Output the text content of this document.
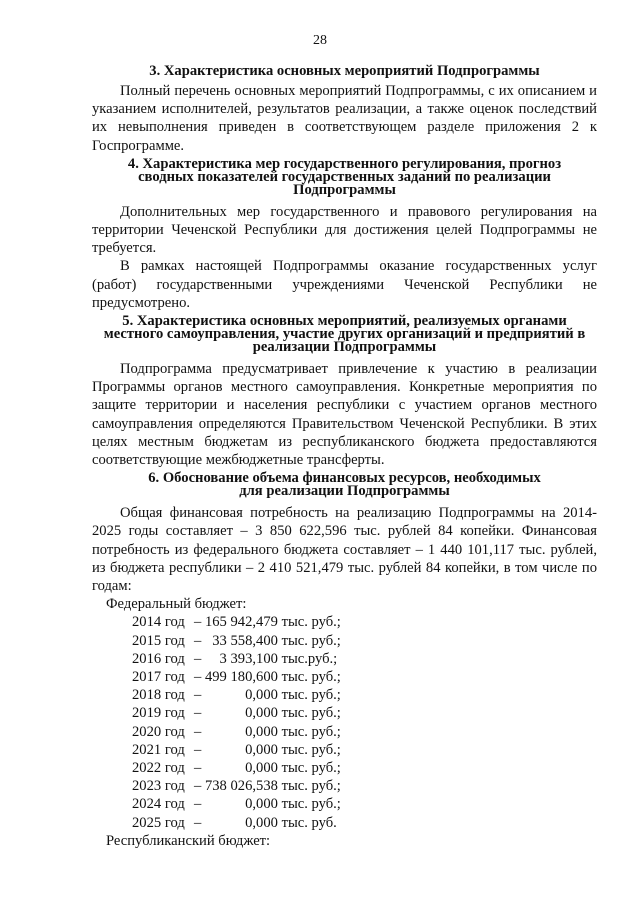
28
3. Характеристика основных мероприятий Подпрограммы

Полный перечень основных мероприятий Подпрограммы, с их описанием и указанием исполнителей, результатов реализации, а также оценок последствий их невыполнения приведен в соответствующем разделе приложения 2 к Госпрограмме.

4. Характеристика мер государственного регулирования, прогноз
сводных показателей государственных заданий по реализации
Подпрограммы

Дополнительных мер государственного и правового регулирования на территории Чеченской Республики для достижения целей Подпрограммы не требуется.

В рамках настоящей Подпрограммы оказание государственных услуг (работ) государственными учреждениями Чеченской Республики не предусмотрено.

5. Характеристика основных мероприятий, реализуемых органами
местного самоуправления, участие других организаций и предприятий в
реализации Подпрограммы

Подпрограмма предусматривает привлечение к участию в реализации Программы органов местного самоуправления. Конкретные мероприятия по защите территории и населения республики с участием органов местного самоуправления определяются Правительством Чеченской Республики. В этих целях местным бюджетам из республиканского бюджета предоставляются соответствующие межбюджетные трансферты.

6. Обоснование объема финансовых ресурсов, необходимых
для реализации Подпрограммы

Общая финансовая потребность на реализацию Подпрограммы на 2014-2025 годы составляет – 3 850 622,596 тыс. рублей 84 копейки. Финансовая потребность из федерального бюджета составляет – 1 440 101,117 тыс. рублей, из бюджета республики – 2 410 521,479 тыс. рублей 84 копейки, в том числе по годам:

Федеральный бюджет:

2014 год – 165 942,479 тыс. руб.;
2015 год –   33 558,400 тыс. руб.;
2016 год –     3 393,100 тыс.руб.;
2017 год – 499 180,600 тыс. руб.;
2018 год –            0,000 тыс. руб.;
2019 год –            0,000 тыс. руб.;
2020 год –            0,000 тыс. руб.;
2021 год –            0,000 тыс. руб.;
2022 год –            0,000 тыс. руб.;
2023 год – 738 026,538 тыс. руб.;
2024 год –            0,000 тыс. руб.;
2025 год –            0,000 тыс. руб.

Республиканский бюджет:
